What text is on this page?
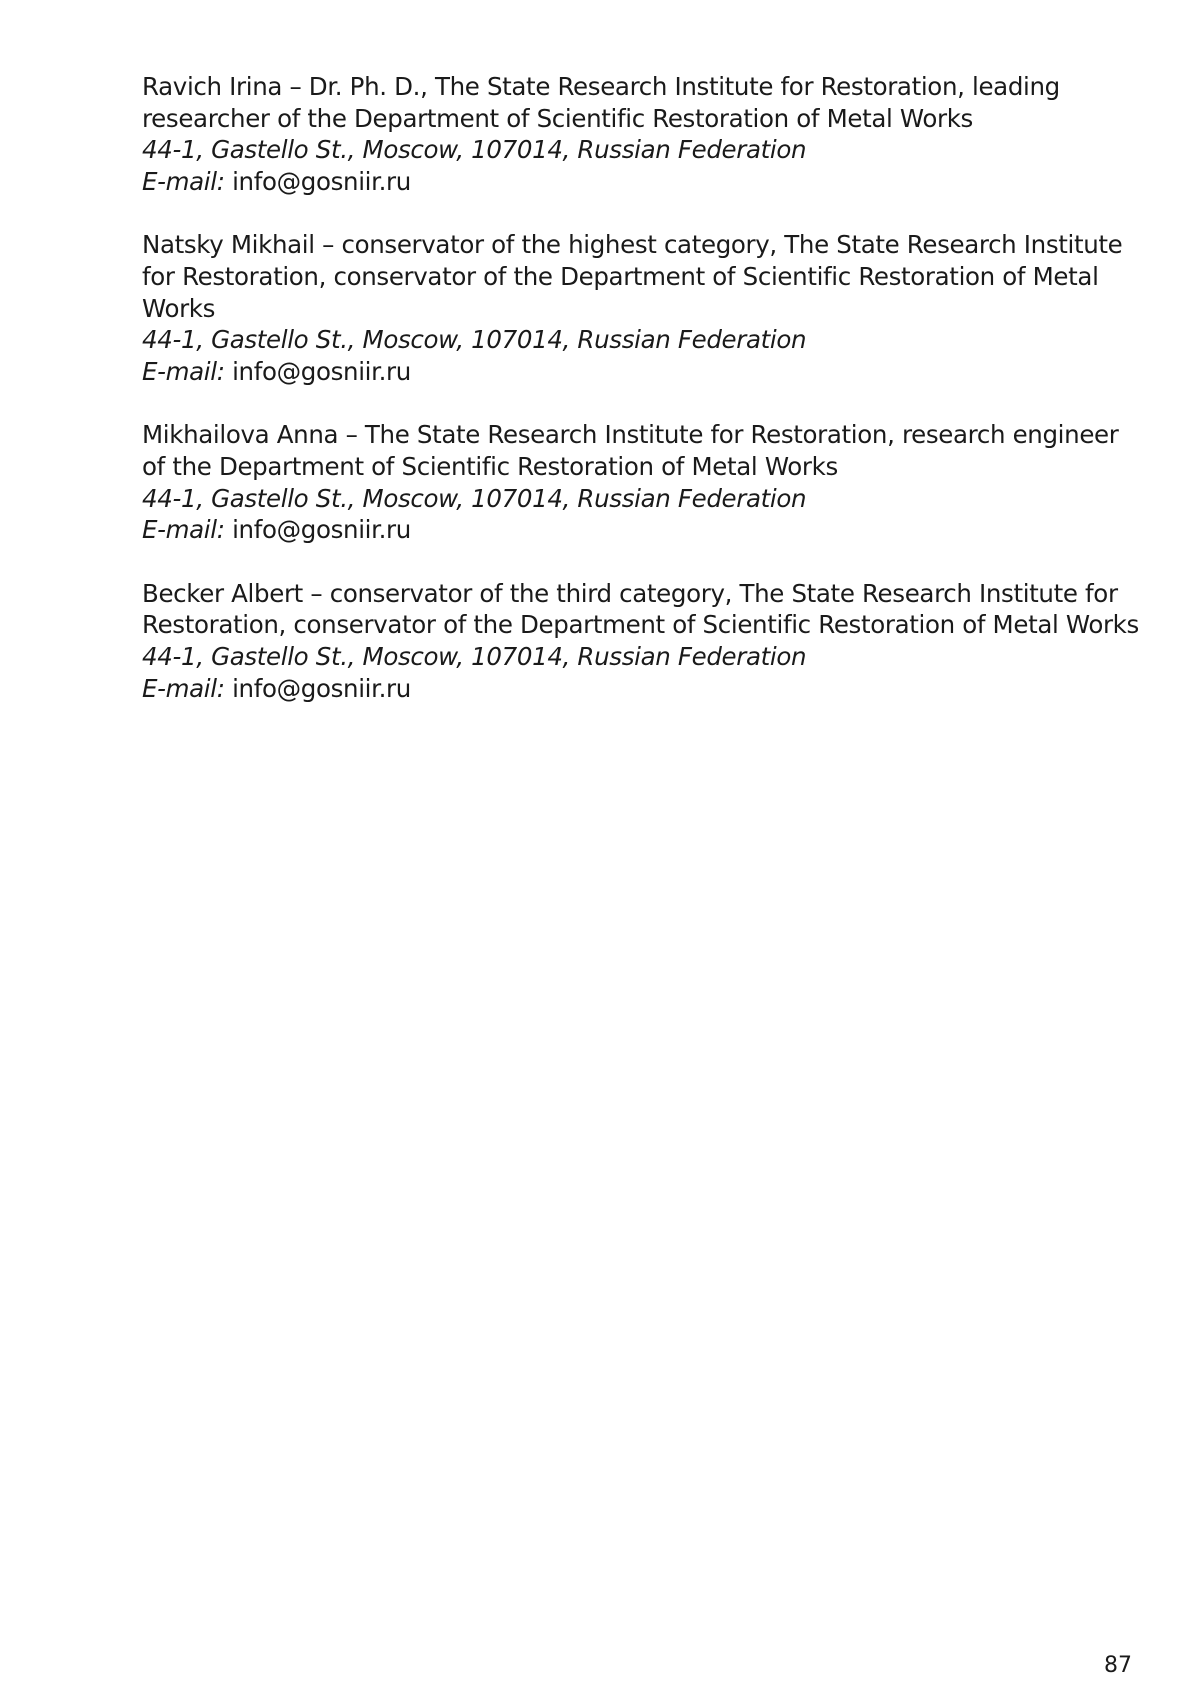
Ravich Irina – Dr. Ph. D., The State Research Institute for Restoration, leading researcher of the Department of Scientific Restoration of Metal Works

44-1, Gastello St., Moscow, 107014, Russian Federation

E-mail: info@gosniir.ru

Natsky Mikhail – conservator of the highest category, The State Research Institute for Restoration, conservator of the Department of Scientific Restoration of Metal Works

44-1, Gastello St., Moscow, 107014, Russian Federation

E-mail: info@gosniir.ru

Mikhailova Anna – The State Research Institute for Restoration, research engineer of the Department of Scientific Restoration of Metal Works

44-1, Gastello St., Moscow, 107014, Russian Federation

E-mail: info@gosniir.ru

Becker Albert – conservator of the third category, The State Research Institute for Restoration, conservator of the Department of Scientific Restoration of Metal Works

44-1, Gastello St., Moscow, 107014, Russian Federation

E-mail: info@gosniir.ru

87
